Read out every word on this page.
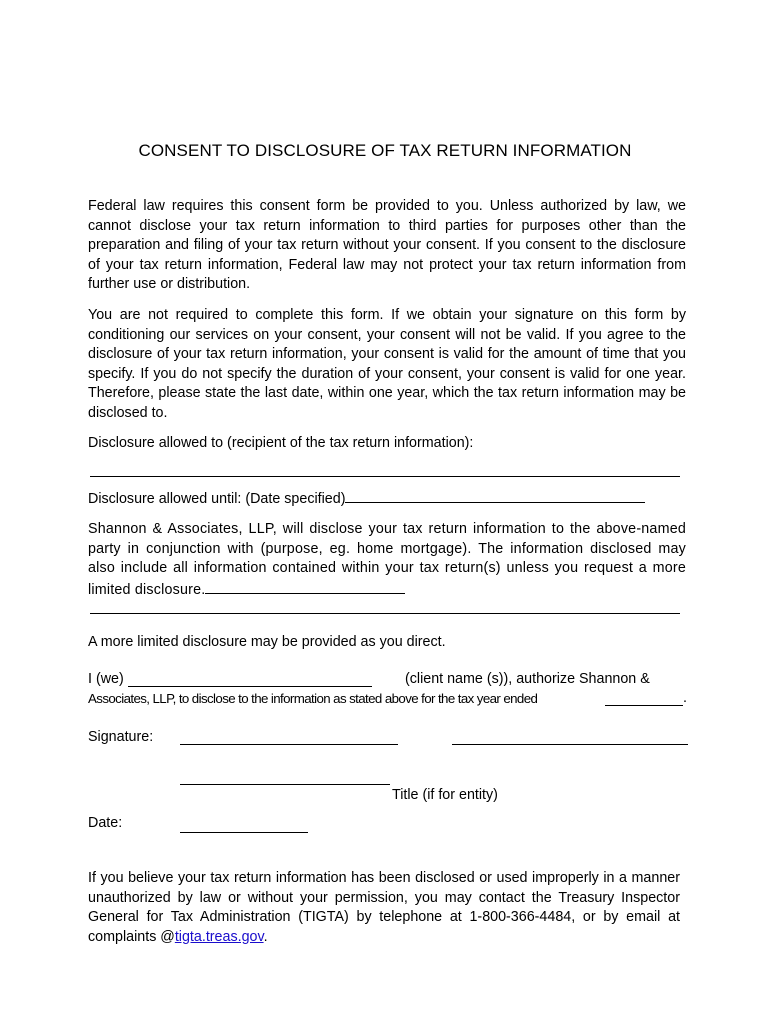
CONSENT TO DISCLOSURE OF TAX RETURN INFORMATION
Federal law requires this consent form be provided to you. Unless authorized by law, we cannot disclose your tax return information to third parties for purposes other than the preparation and filing of your tax return without your consent. If you consent to the disclosure of your tax return information, Federal law may not protect your tax return information from further use or distribution.
You are not required to complete this form. If we obtain your signature on this form by conditioning our services on your consent, your consent will not be valid. If you agree to the disclosure of your tax return information, your consent is valid for the amount of time that you specify. If you do not specify the duration of your consent, your consent is valid for one year. Therefore, please state the last date, within one year, which the tax return information may be disclosed to.
Disclosure allowed to (recipient of the tax return information):
Disclosure allowed until: (Date specified)
Shannon & Associates, LLP, will disclose your tax return information to the above-named party in conjunction with (purpose, eg. home mortgage). The information disclosed may also include all information contained within your tax return(s) unless you request a more limited disclosure.
A more limited disclosure may be provided as you direct.
I (we)	(client name (s)), authorize Shannon &
Associates, LLP, to disclose to the information as stated above for the tax year ended	.
Signature:
Title (if for entity)
Date:
If you believe your tax return information has been disclosed or used improperly in a manner unauthorized by law or without your permission, you may contact the Treasury Inspector General for Tax Administration (TIGTA) by telephone at 1-800-366-4484, or by email at complaints @tigta.treas.gov.
